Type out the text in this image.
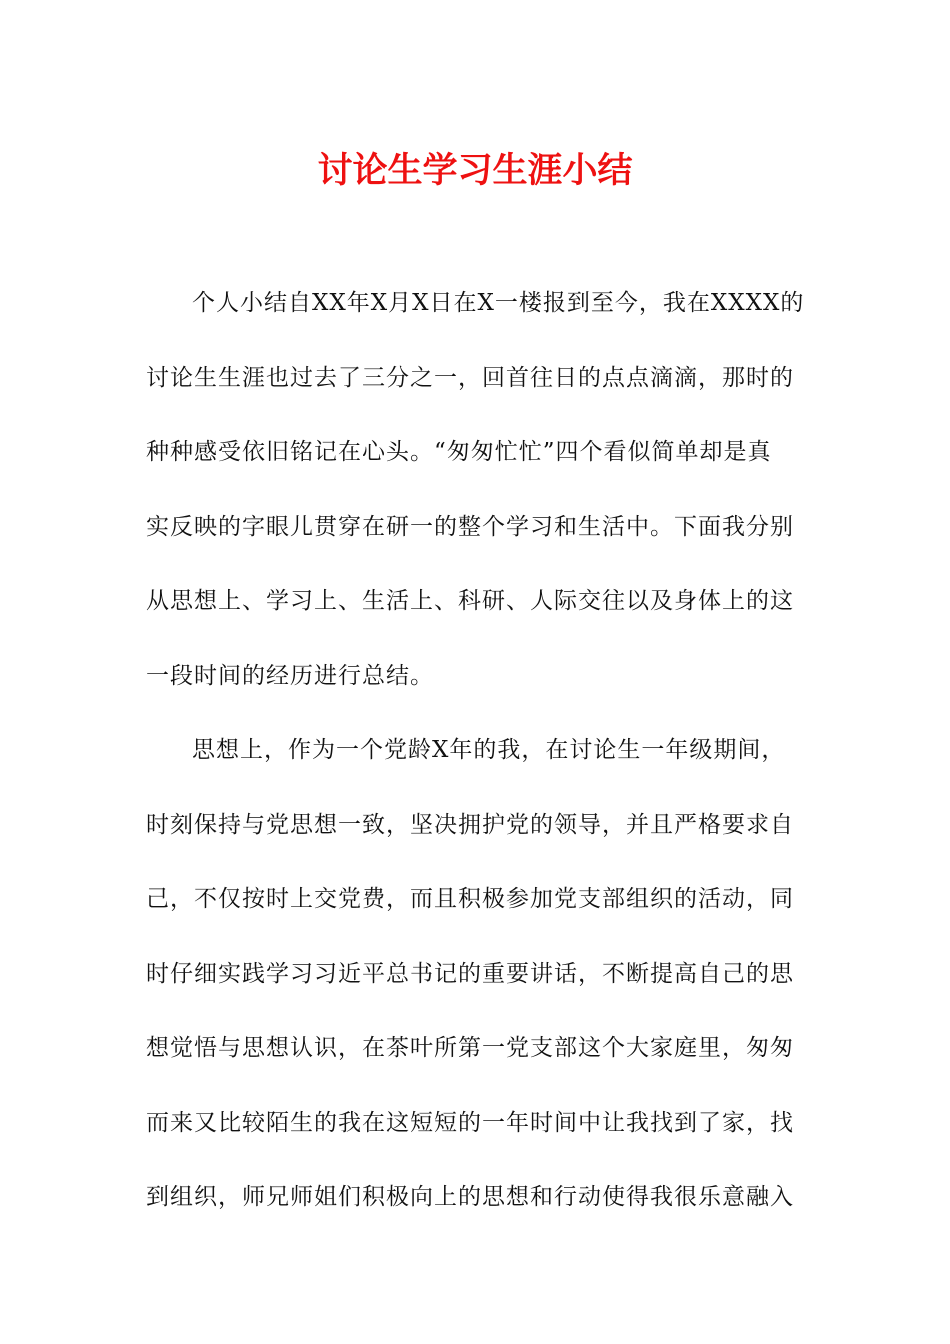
讨论生学习生涯小结

个人小结自XX年X月X日在X一楼报到至今，我在XXXX的
讨论生生涯也过去了三分之一，回首往日的点点滴滴，那时的
种种感受依旧铭记在心头。“匆匆忙忙”四个看似简单却是真
实反映的字眼儿贯穿在研一的整个学习和生活中。下面我分别
从思想上、学习上、生活上、科研、人际交往以及身体上的这
一段时间的经历进行总结。

思想上，作为一个党龄X年的我，在讨论生一年级期间，
时刻保持与党思想一致，坚决拥护党的领导，并且严格要求自
己，不仅按时上交党费，而且积极参加党支部组织的活动，同
时仔细实践学习习近平总书记的重要讲话，不断提高自己的思
想觉悟与思想认识，在茶叶所第一党支部这个大家庭里，匆匆
而来又比较陌生的我在这短短的一年时间中让我找到了家，找
到组织，师兄师姐们积极向上的思想和行动使得我很乐意融入
